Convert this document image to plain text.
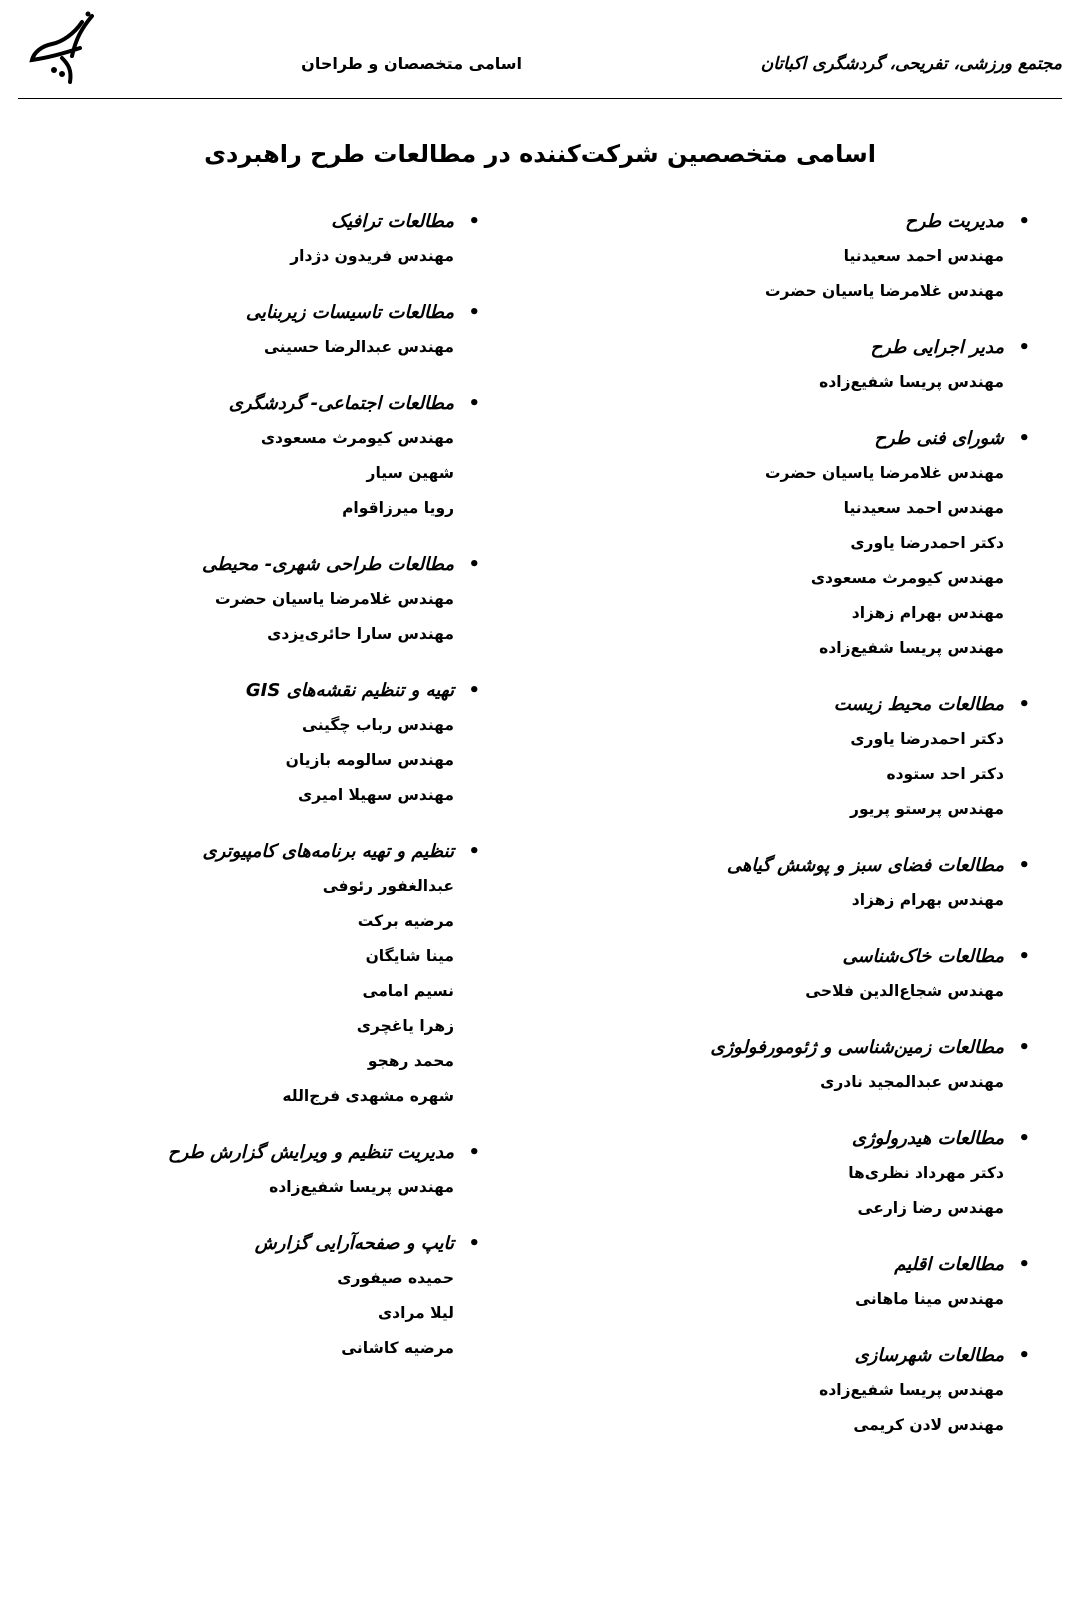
مجتمع ورزشی، تفریحی، گردشگری اکباتان
اسامی متخصصان و طراحان
اسامی متخصصین شرکت‌کننده در مطالعات طرح راهبردی
•مدیریت طرح
مهندس احمد سعیدنیا
مهندس غلامرضا یاسیان حضرت
•مدیر اجرایی طرح
مهندس پریسا شفیع‌زاده
•شورای فنی طرح
مهندس غلامرضا یاسیان حضرت
مهندس احمد سعیدنیا
دکتر احمدرضا یاوری
مهندس کیومرث مسعودی
مهندس بهرام زهزاد
مهندس پریسا شفیع‌زاده
•مطالعات محیط زیست
دکتر احمدرضا یاوری
دکتر احد ستوده
مهندس پرستو پریور
•مطالعات فضای سبز و پوشش گیاهی
مهندس بهرام زهزاد
•مطالعات خاک‌شناسی
مهندس شجاع‌الدین فلاحی
•مطالعات زمین‌شناسی و ژئومورفولوژی
مهندس عبدالمجید نادری
•مطالعات هیدرولوژی
دکتر مهرداد نظری‌ها
مهندس رضا زارعی
•مطالعات اقلیم
مهندس مینا ماهانی
•مطالعات شهرسازی
مهندس پریسا شفیع‌زاده
مهندس لادن کریمی
•مطالعات ترافیک
مهندس فریدون دژدار
•مطالعات تاسیسات زیربنایی
مهندس عبدالرضا حسینی
•مطالعات اجتماعی- گردشگری
مهندس کیومرث مسعودی
شهین سیار
رویا میرزاقوام
•مطالعات طراحی شهری- محیطی
مهندس غلامرضا یاسیان حضرت
مهندس سارا حائری‌یزدی
•تهیه و تنظیم نقشه‌های GIS
مهندس رباب چگینی
مهندس سالومه بازیان
مهندس سهیلا امیری
•تنظیم و تهیه برنامه‌های کامپیوتری
عبدالغفور رئوفی
مرضیه برکت
مینا شایگان
نسیم امامی
زهرا یاغچری
محمد رهجو
شهره مشهدی فرج‌الله
•مدیریت تنظیم و ویرایش گزارش طرح
مهندس پریسا شفیع‌زاده
•تایپ و صفحه‌آرایی گزارش
حمیده صیفوری
لیلا مرادی
مرضیه کاشانی
